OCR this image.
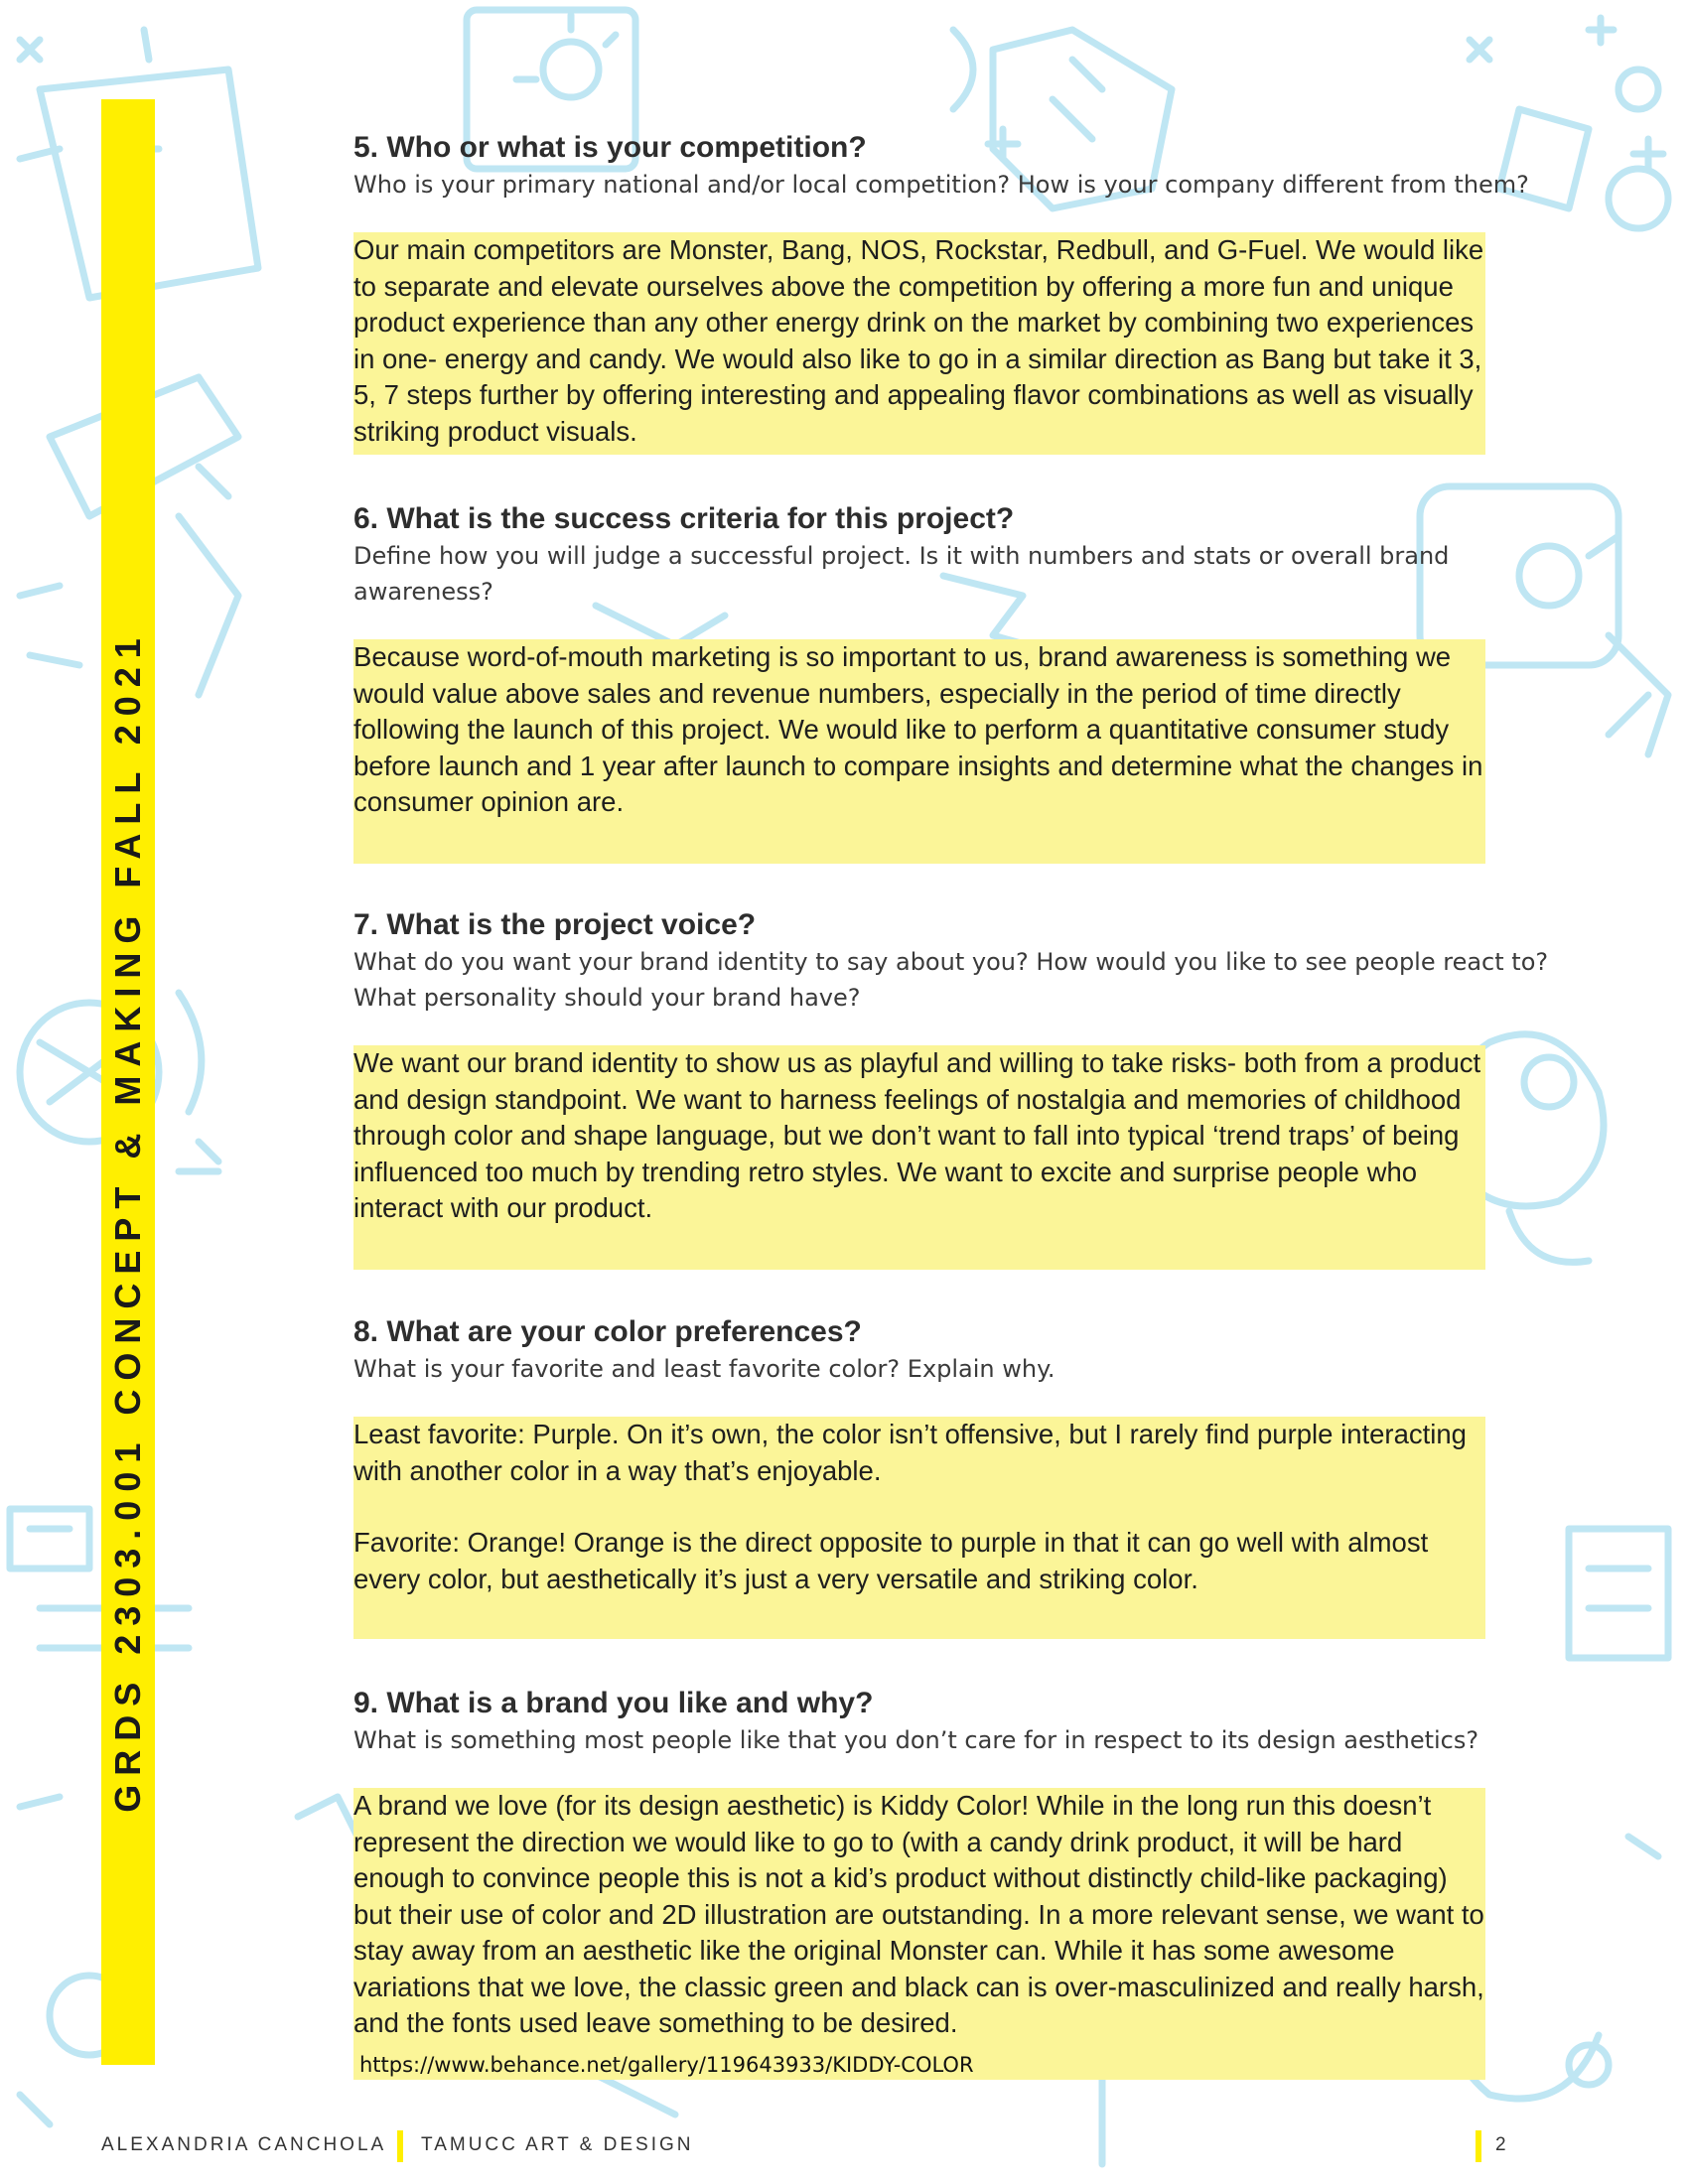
GRDS 2303.001 CONCEPT & MAKING FALL 2021
5. Who or what is your competition?

Who is your primary national and/or local competition? How is your company different from them?

Our main competitors are Monster, Bang, NOS, Rockstar, Redbull, and G-Fuel. We would like to separate and elevate ourselves above the competition by offering a more fun and unique product experience than any other energy drink on the market by combining two experiences in one- energy and candy. We would also like to go in a similar direction as Bang but take it 3, 5, 7 steps further by offering interesting and appealing flavor combinations as well as visually striking product visuals.

6. What is the success criteria for this project?

Define how you will judge a successful project. Is it with numbers and stats or overall brand awareness?

Because word-of-mouth marketing is so important to us, brand awareness is something we would value above sales and revenue numbers, especially in the period of time directly following the launch of this project. We would like to perform a quantitative consumer study before launch and 1 year after launch to compare insights and determine what the changes in consumer opinion are.

7. What is the project voice?

What do you want your brand identity to say about you? How would you like to see people react to? What personality should your brand have?

We want our brand identity to show us as playful and willing to take risks- both from a product and design standpoint. We want to harness feelings of nostalgia and memories of childhood through color and shape language, but we don’t want to fall into typical ‘trend traps’ of being influenced too much by trending retro styles. We want to excite and surprise people who interact with our product.

8. What are your color preferences?

What is your favorite and least favorite color? Explain why.

Least favorite: Purple. On it’s own, the color isn’t offensive, but I rarely find purple interacting with another color in a way that’s enjoyable.

Favorite: Orange! Orange is the direct opposite to purple in that it can go well with almost every color, but aesthetically it’s just a very versatile and striking color.

9. What is a brand you like and why?

What is something most people like that you don’t care for in respect to its design aesthetics?

A brand we love (for its design aesthetic) is Kiddy Color! While in the long run this doesn’t represent the direction we would like to go to (with a candy drink product, it will be hard enough to convince people this is not a kid’s product without distinctly child-like packaging) but their use of color and 2D illustration are outstanding. In a more relevant sense, we want to stay away from an aesthetic like the original Monster can. While it has some awesome variations that we love, the classic green and black can is over-masculinized and really harsh, and the fonts used leave something to be desired.

https://www.behance.net/gallery/119643933/KIDDY-COLOR
ALEXANDRIA CANCHOLA TAMUCC ART & DESIGN	2
